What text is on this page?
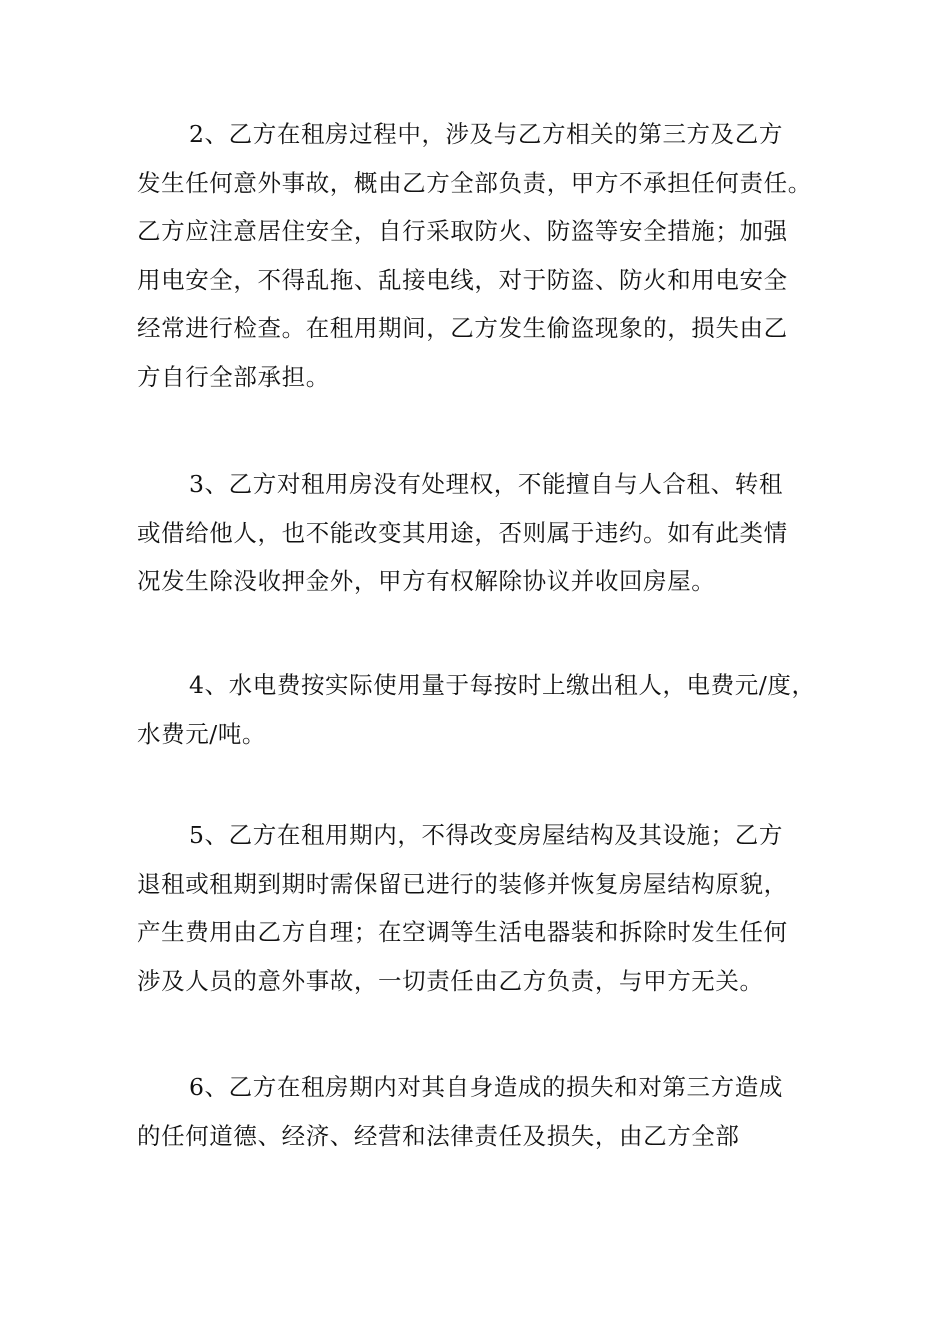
2、乙方在租房过程中，涉及与乙方相关的第三方及乙方
发生任何意外事故，概由乙方全部负责，甲方不承担任何责任。
乙方应注意居住安全，自行采取防火、防盗等安全措施；加强
用电安全，不得乱拖、乱接电线，对于防盗、防火和用电安全
经常进行检查。在租用期间，乙方发生偷盗现象的，损失由乙
方自行全部承担。

3、乙方对租用房没有处理权，不能擅自与人合租、转租
或借给他人，也不能改变其用途，否则属于违约。如有此类情
况发生除没收押金外，甲方有权解除协议并收回房屋。

4、水电费按实际使用量于每按时上缴出租人，电费元/度，
水费元/吨。

5、乙方在租用期内，不得改变房屋结构及其设施；乙方
退租或租期到期时需保留已进行的装修并恢复房屋结构原貌，
产生费用由乙方自理；在空调等生活电器装和拆除时发生任何
涉及人员的意外事故，一切责任由乙方负责，与甲方无关。

6、乙方在租房期内对其自身造成的损失和对第三方造成
的任何道德、经济、经营和法律责任及损失，由乙方全部
